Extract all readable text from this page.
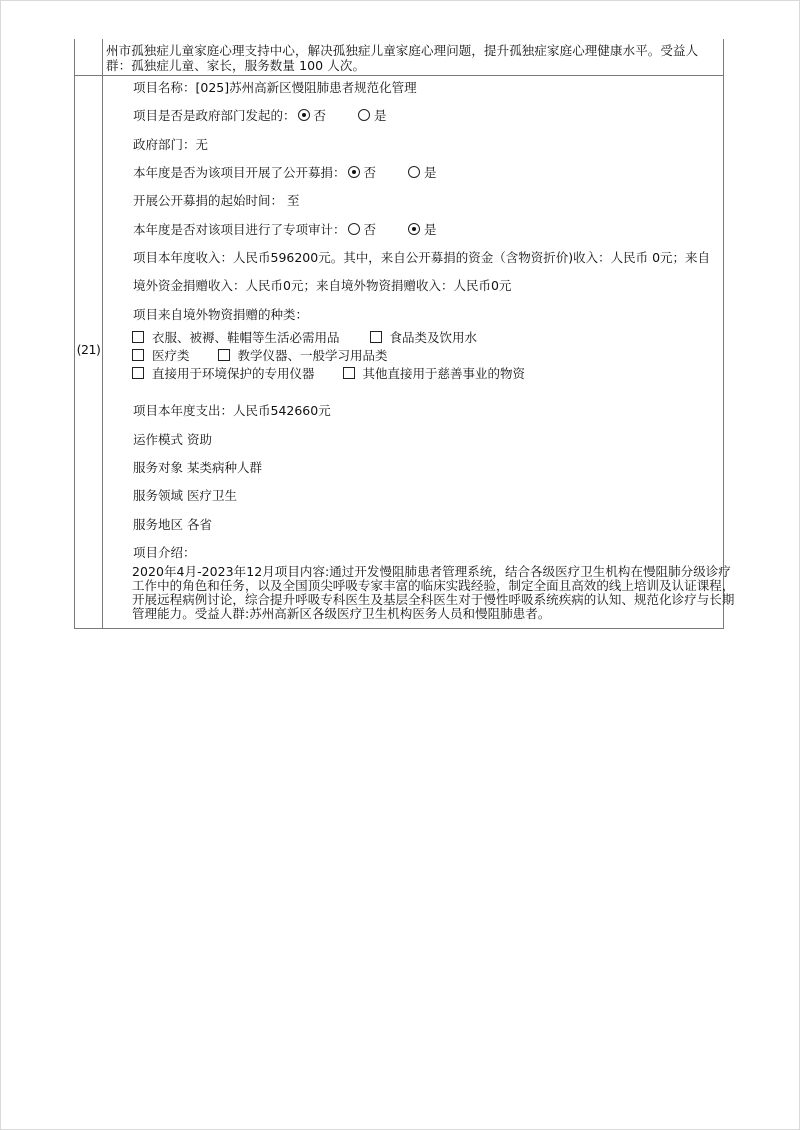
州市孤独症儿童家庭心理支持中心，解决孤独症儿童家庭心理问题，提升孤独症家庭心理健康水平。受益人群：孤独症儿童、家长，服务数量 100 人次。
(21)
项目名称：[025]苏州高新区慢阻肺患者规范化管理
项目是否是政府部门发起的： 否	是
政府部门：无
本年度是否为该项目开展了公开募捐： 否	是
开展公开募捐的起始时间： 至
本年度是否对该项目进行了专项审计： 否	是
项目本年度收入：人民币596200元。其中，来自公开募捐的资金（含物资折价)收入：人民币 0元；来自
境外资金捐赠收入：人民币0元；来自境外物资捐赠收入：人民币0元
项目来自境外物资捐赠的种类：
衣服、被褥、鞋帽等生活必需用品	食品类及饮用水
医疗类	教学仪器、一般学习用品类
直接用于环境保护的专用仪器	其他直接用于慈善事业的物资
项目本年度支出：人民币542660元
运作模式 资助
服务对象 某类病种人群
服务领域 医疗卫生
服务地区 各省
项目介绍：
2020年4月-2023年12月项目内容:通过开发慢阻肺患者管理系统，结合各级医疗卫生机构在慢阻肺分级诊疗工作中的角色和任务，以及全国顶尖呼吸专家丰富的临床实践经验，制定全面且高效的线上培训及认证课程，开展远程病例讨论，综合提升呼吸专科医生及基层全科医生对于慢性呼吸系统疾病的认知、规范化诊疗与长期管理能力。受益人群:苏州高新区各级医疗卫生机构医务人员和慢阻肺患者。
